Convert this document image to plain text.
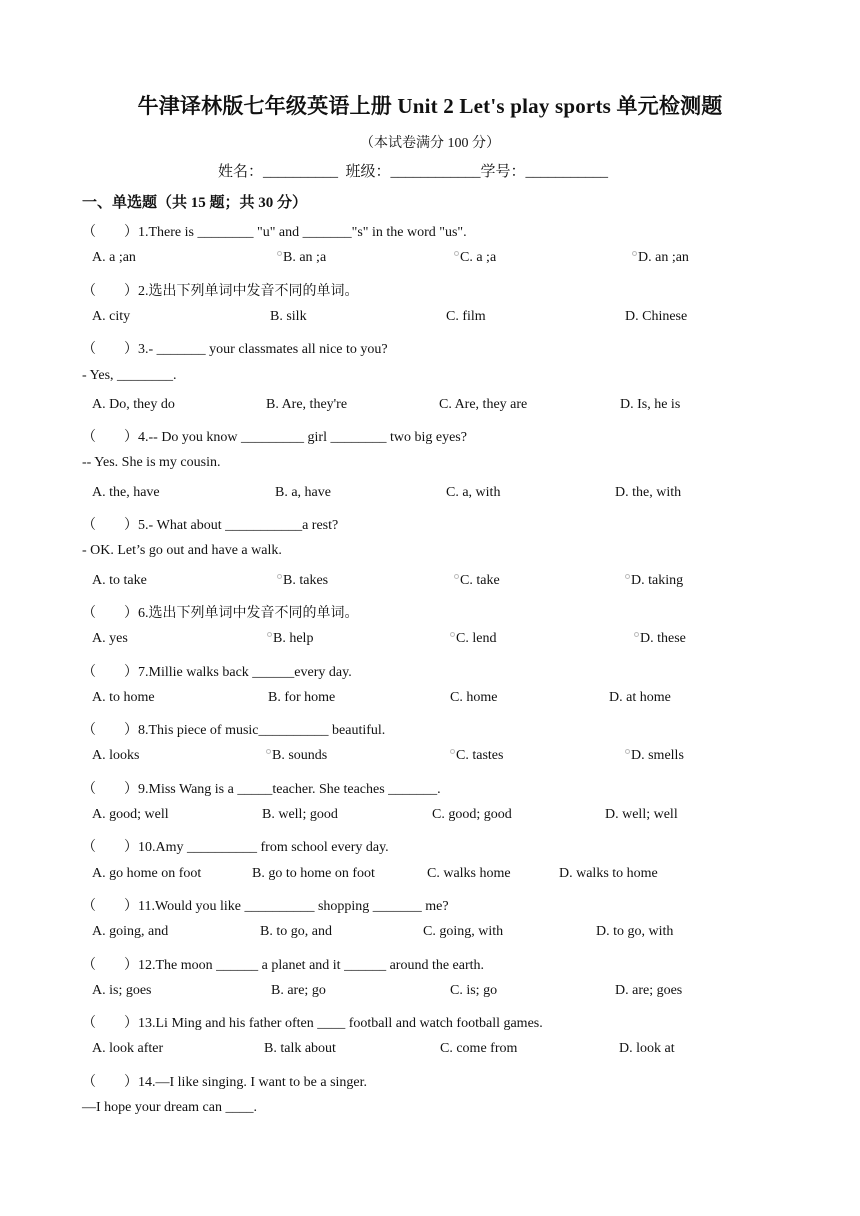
牛津译林版七年级英语上册 Unit 2 Let's play sports 单元检测题
（本试卷满分 100 分）
姓名：__________  班级：____________学号：___________
一、单选题（共 15 题；共 30 分）
（        ）1.There is ________ "u" and _______"s" in the word "us".
A. a ;an	B. an ;a	C. a ;a	D. an ;an
（        ）2.选出下列单词中发音不同的单词。
A. city	B. silk	C. film	D. Chinese
（        ）3.- _______ your classmates all nice to you?
- Yes, ________.
A. Do, they do	B. Are, they're	C. Are, they are	D. Is, he is
（        ）4.-- Do you know _________ girl ________ two big eyes?
-- Yes. She is my cousin.
A. the, have	B. a, have	C. a, with	D. the, with
（        ）5.- What about ___________a rest?
- OK. Let’s go out and have a walk.
A. to take	B. takes	C. take	D. taking
（        ）6.选出下列单词中发音不同的单词。
A. yes	B. help	C. lend	D. these
（        ）7.Millie walks back ______every day.
A. to home	B. for home	C. home	D. at home
（        ）8.This piece of music__________ beautiful.
A. looks	B. sounds	C. tastes	D. smells
（        ）9.Miss Wang is a _____teacher. She teaches _______.
A. good; well	B. well; good	C. good; good	D. well; well
（        ）10.Amy __________ from school every day.
A. go home on foot	B. go to home on foot	C. walks home	D. walks to home
（        ）11.Would you like __________ shopping _______ me?
A. going, and	B. to go, and	C. going, with	D. to go, with
（        ）12.The moon ______ a planet and it ______ around the earth.
A. is; goes	B. are; go	C. is; go	D. are; goes
（        ）13.Li Ming and his father often ____ football and watch football games.
A. look after	B. talk about	C. come from	D. look at
（        ）14.—I like singing. I want to be a singer.
—I hope your dream can ____.
